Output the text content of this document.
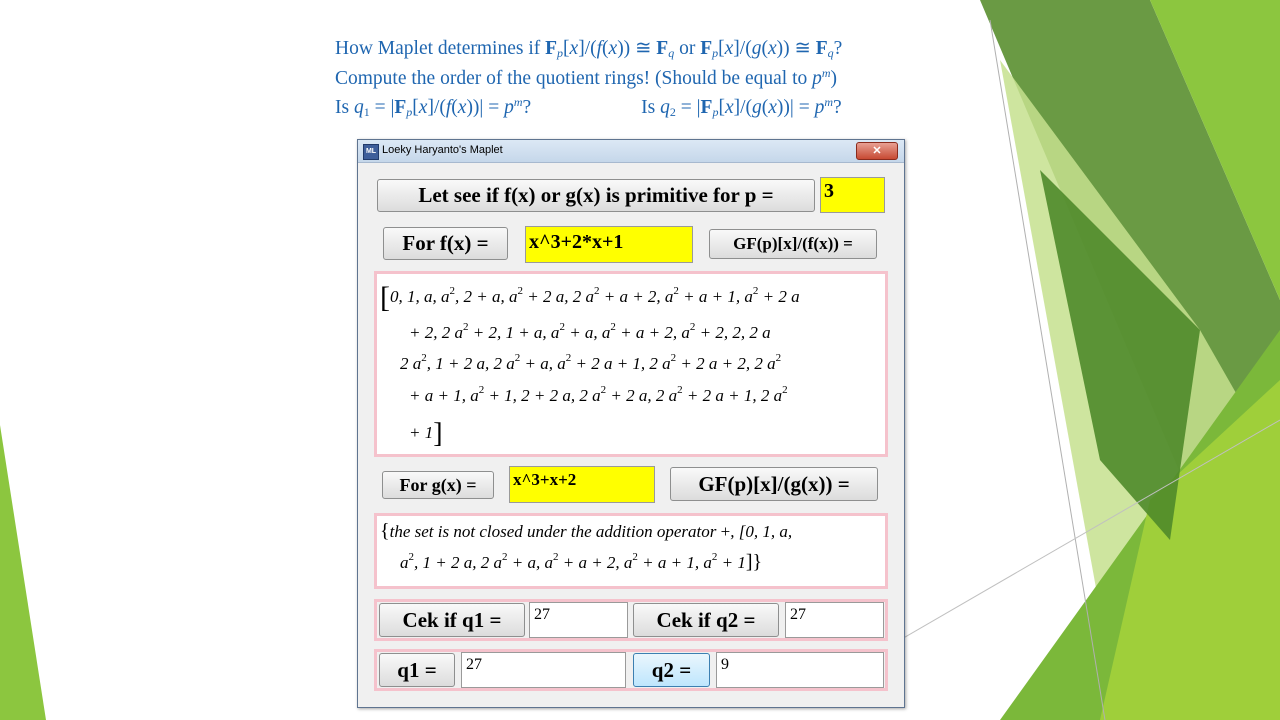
How Maplet determines if $F_p[x]/(f(x))$ ≅ $F_q$ or $F_p[x]/(g(x))$ ≅ $F_q$?
Compute the order of the quotient rings! (Should be equal to $p^m$)
Is $q_1 = |F_p[x]/(f(x))| = p^m$?	Is $q_2 = |F_p[x]/(g(x))| = p^m$?
ML Loeky Haryanto's Maplet	✕
Let see if f(x) or g(x) is primitive for p =	3
For f(x) =	x^3+2*x+1	GF(p)[x]/(f(x)) =
[0, 1, a, $a^2$, 2 + a, $a^2 + 2$ a, 2 $a^2 + a + 2$, $a^2 + a + 1$, $a^2 + 2$ a
+ 2, 2 $a^2 + 2$, 1 + a, $a^2 + a$, $a^2 + a + 2$, $a^2 + 2$, 2, 2 a
2 $a^2$, 1 + 2 a, 2 $a^2 + a$, $a^2 + 2$ a + 1, 2 $a^2 + 2$ a + 2, 2 $a^2$
+ a + 1, $a^2 + 1$, 2 + 2 a, 2 $a^2 + 2$ a, 2 $a^2 + 2$ a + 1, 2 $a^2$
+ 1]
For g(x) =	x^3+x+2	GF(p)[x]/(g(x)) =
{the set is not closed under the addition operator +, [0, 1, a,
$a^2$, 1 + 2 a, 2 $a^2 + a$, $a^2 + a + 2$, $a^2 + a + 1$, $a^2 + 1$]}
Cek if q1 =	27	Cek if q2 =	27
q1 =	27	q2 =	9
